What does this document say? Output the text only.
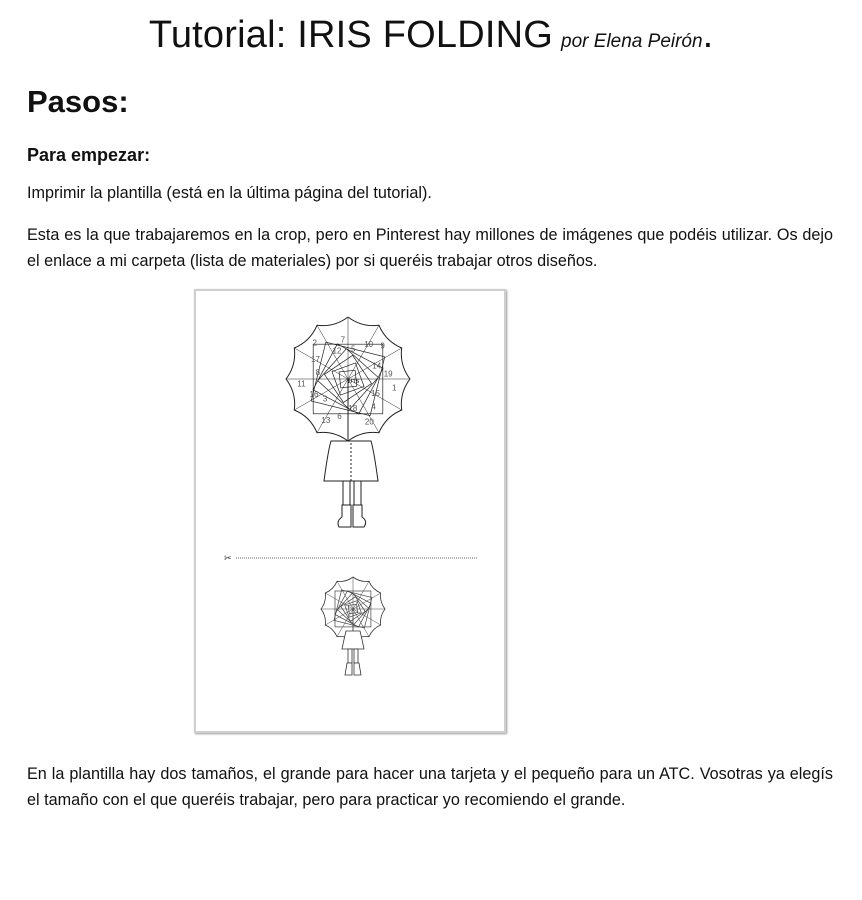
Tutorial: IRIS FOLDING por Elena Peirón.
Pasos:
Para empezar:

Imprimir la plantilla (está en la última página del tutorial).

Esta es la que trabajaremos en la crop, pero en Pinterest hay millones de imágenes que podéis utilizar. Os dejo el enlace a mi carpeta (lista de materiales) por si queréis trabajar otros diseños.

iris
5
10 9
14
19
1
15
4
20
18
6
13
3
16
11
8
17
2
12
7
✂

En la plantilla hay dos tamaños, el grande para hacer una tarjeta y el pequeño para un ATC. Vosotras ya elegís el tamaño con el que queréis trabajar, pero para practicar yo recomiendo el grande.
